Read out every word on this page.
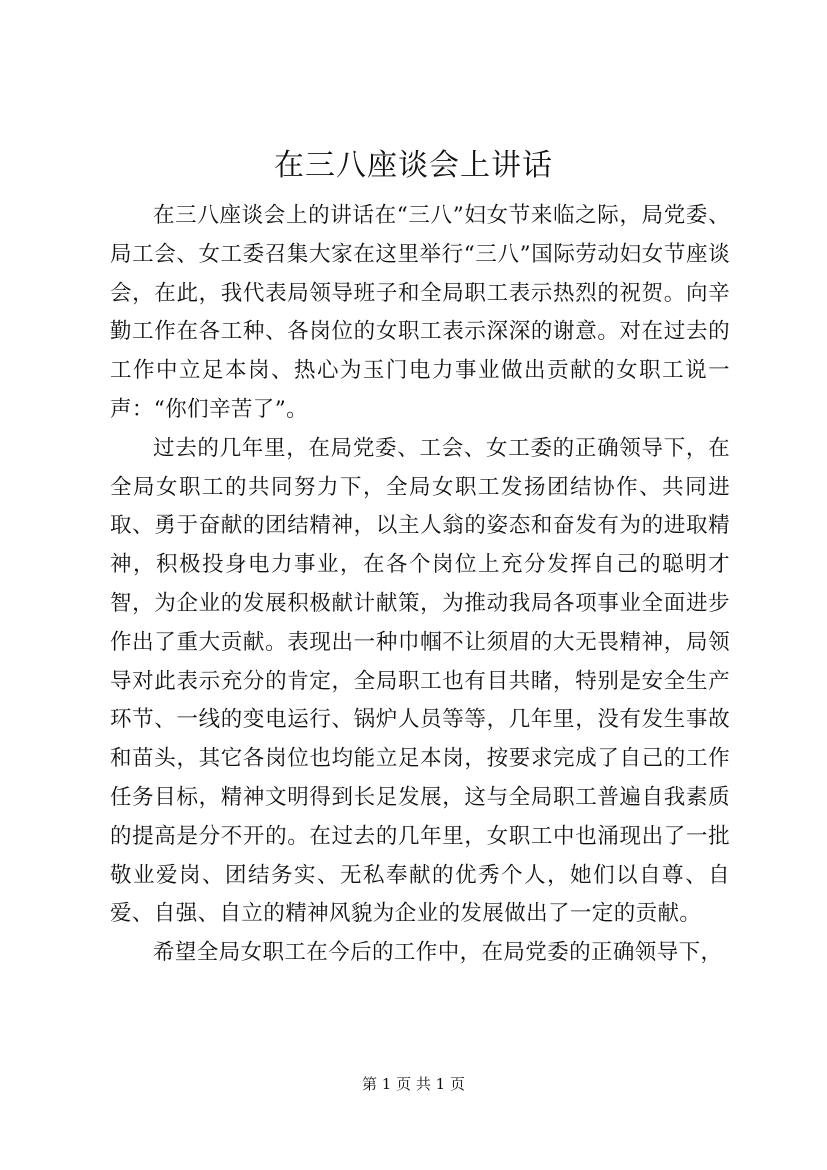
在三八座谈会上讲话

在三八座谈会上的讲话在“三八”妇女节来临之际，局党委、局工会、女工委召集大家在这里举行“三八”国际劳动妇女节座谈会，在此，我代表局领导班子和全局职工表示热烈的祝贺。向辛勤工作在各工种、各岗位的女职工表示深深的谢意。对在过去的工作中立足本岗、热心为玉门电力事业做出贡献的女职工说一声：“你们辛苦了”。

过去的几年里，在局党委、工会、女工委的正确领导下，在全局女职工的共同努力下，全局女职工发扬团结协作、共同进取、勇于奋献的团结精神，以主人翁的姿态和奋发有为的进取精神，积极投身电力事业，在各个岗位上充分发挥自己的聪明才智，为企业的发展积极献计献策，为推动我局各项事业全面进步作出了重大贡献。表现出一种巾帼不让须眉的大无畏精神，局领导对此表示充分的肯定，全局职工也有目共睹，特别是安全生产环节、一线的变电运行、锅炉人员等等，几年里，没有发生事故和苗头，其它各岗位也均能立足本岗，按要求完成了自己的工作任务目标，精神文明得到长足发展，这与全局职工普遍自我素质的提高是分不开的。在过去的几年里，女职工中也涌现出了一批敬业爱岗、团结务实、无私奉献的优秀个人，她们以自尊、自爱、自强、自立的精神风貌为企业的发展做出了一定的贡献。

希望全局女职工在今后的工作中，在局党委的正确领导下，

第 1 页 共 1 页
